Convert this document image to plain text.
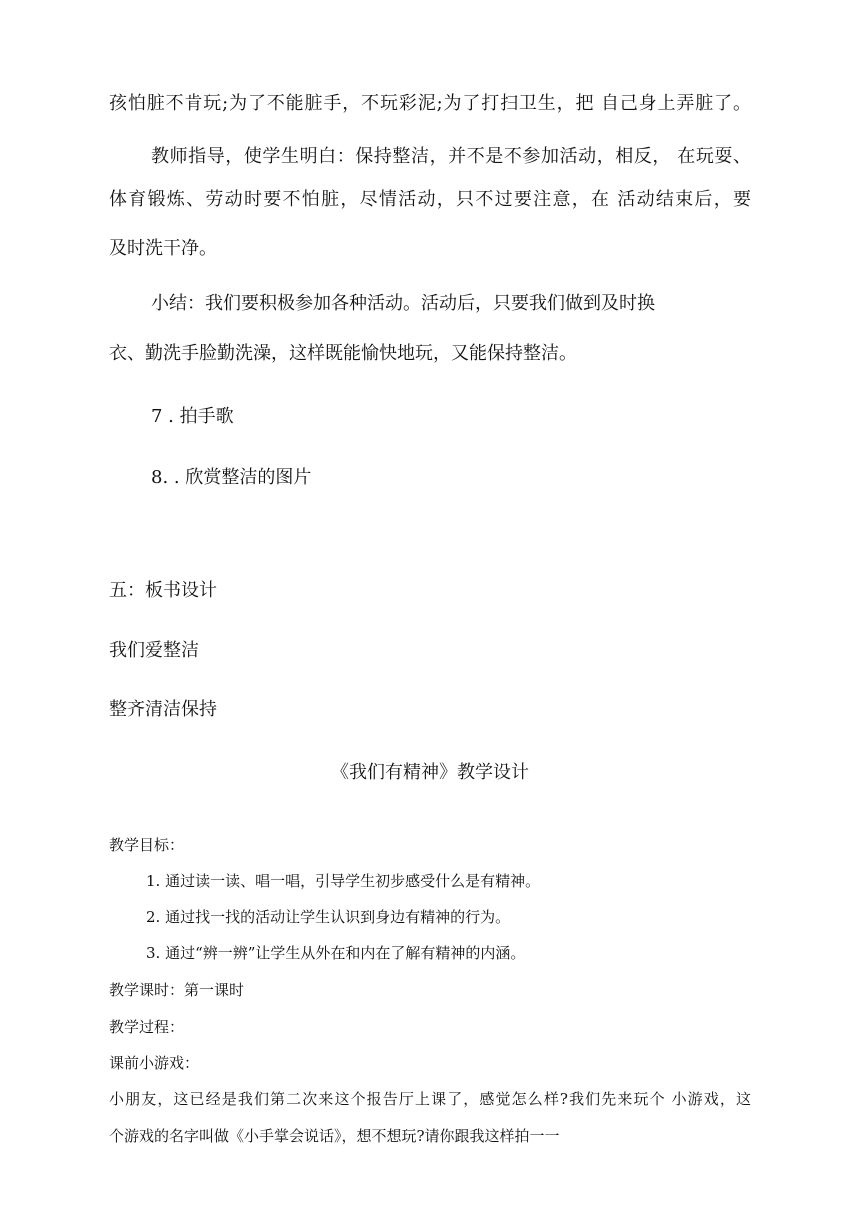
孩怕脏不肯玩;为了不能脏手，不玩彩泥;为了打扫卫生，把 自己身上弄脏了。
教师指导，使学生明白：保持整洁，并不是不参加活动，相反， 在玩耍、
体育锻炼、劳动时要不怕脏，尽情活动，只不过要注意，在 活动结束后，要
及时洗干净。
小结：我们要积极参加各种活动。活动后，只要我们做到及时换
衣、勤洗手脸勤洗澡，这样既能愉快地玩，又能保持整洁。
7 . 拍手歌
8. . 欣赏整洁的图片
五：板书设计
我们爱整洁
整齐清洁保持
《我们有精神》教学设计
教学目标：
1. 通过读一读、唱一唱，引导学生初步感受什么是有精神。
2. 通过找一找的活动让学生认识到身边有精神的行为。
3. 通过“辨一辨”让学生从外在和内在了解有精神的内涵。
教学课时：第一课时
教学过程：
课前小游戏：
小朋友，这已经是我们第二次来这个报告厅上课了，感觉怎么样?我们先来玩个 小游戏，这
个游戏的名字叫做《小手掌会说话》，想不想玩?请你跟我这样拍一一
